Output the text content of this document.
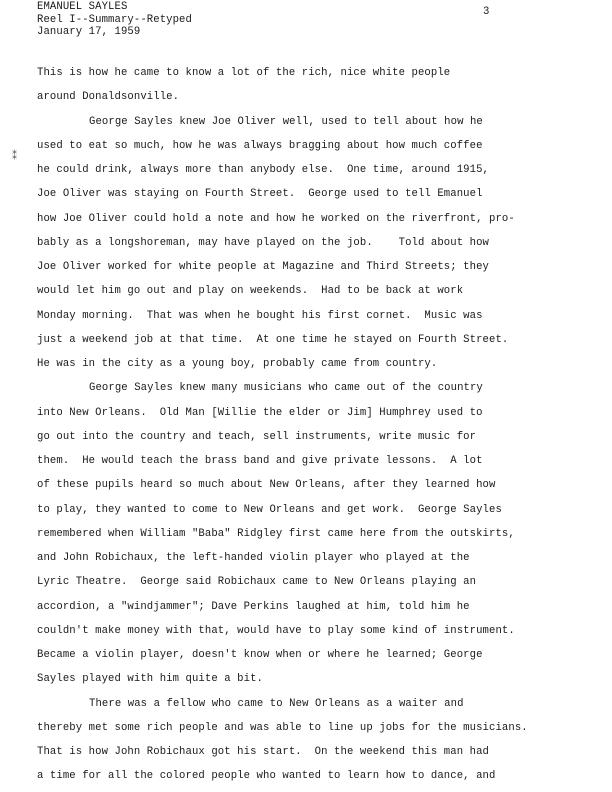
EMANUEL SAYLES
Reel I--Summary--Retyped
January 17, 1959
3
⁑
This is how he came to know a lot of the rich, nice white people
around Donaldsonville.
George Sayles knew Joe Oliver well, used to tell about how he
used to eat so much, how he was always bragging about how much coffee
he could drink, always more than anybody else.  One time, around 1915,
Joe Oliver was staying on Fourth Street.  George used to tell Emanuel
how Joe Oliver could hold a note and how he worked on the riverfront, pro-
bably as a longshoreman, may have played on the job.    Told about how
Joe Oliver worked for white people at Magazine and Third Streets; they
would let him go out and play on weekends.  Had to be back at work
Monday morning.  That was when he bought his first cornet.  Music was
just a weekend job at that time.  At one time he stayed on Fourth Street.
He was in the city as a young boy, probably came from country.
George Sayles knew many musicians who came out of the country
into New Orleans.  Old Man [Willie the elder or Jim] Humphrey used to
go out into the country and teach, sell instruments, write music for
them.  He would teach the brass band and give private lessons.  A lot
of these pupils heard so much about New Orleans, after they learned how
to play, they wanted to come to New Orleans and get work.  George Sayles
remembered when William "Baba" Ridgley first came here from the outskirts,
and John Robichaux, the left-handed violin player who played at the
Lyric Theatre.  George said Robichaux came to New Orleans playing an
accordion, a "windjammer"; Dave Perkins laughed at him, told him he
couldn't make money with that, would have to play some kind of instrument.
Became a violin player, doesn't know when or where he learned; George
Sayles played with him quite a bit.
There was a fellow who came to New Orleans as a waiter and
thereby met some rich people and was able to line up jobs for the musicians.
That is how John Robichaux got his start.  On the weekend this man had
a time for all the colored people who wanted to learn how to dance, and
